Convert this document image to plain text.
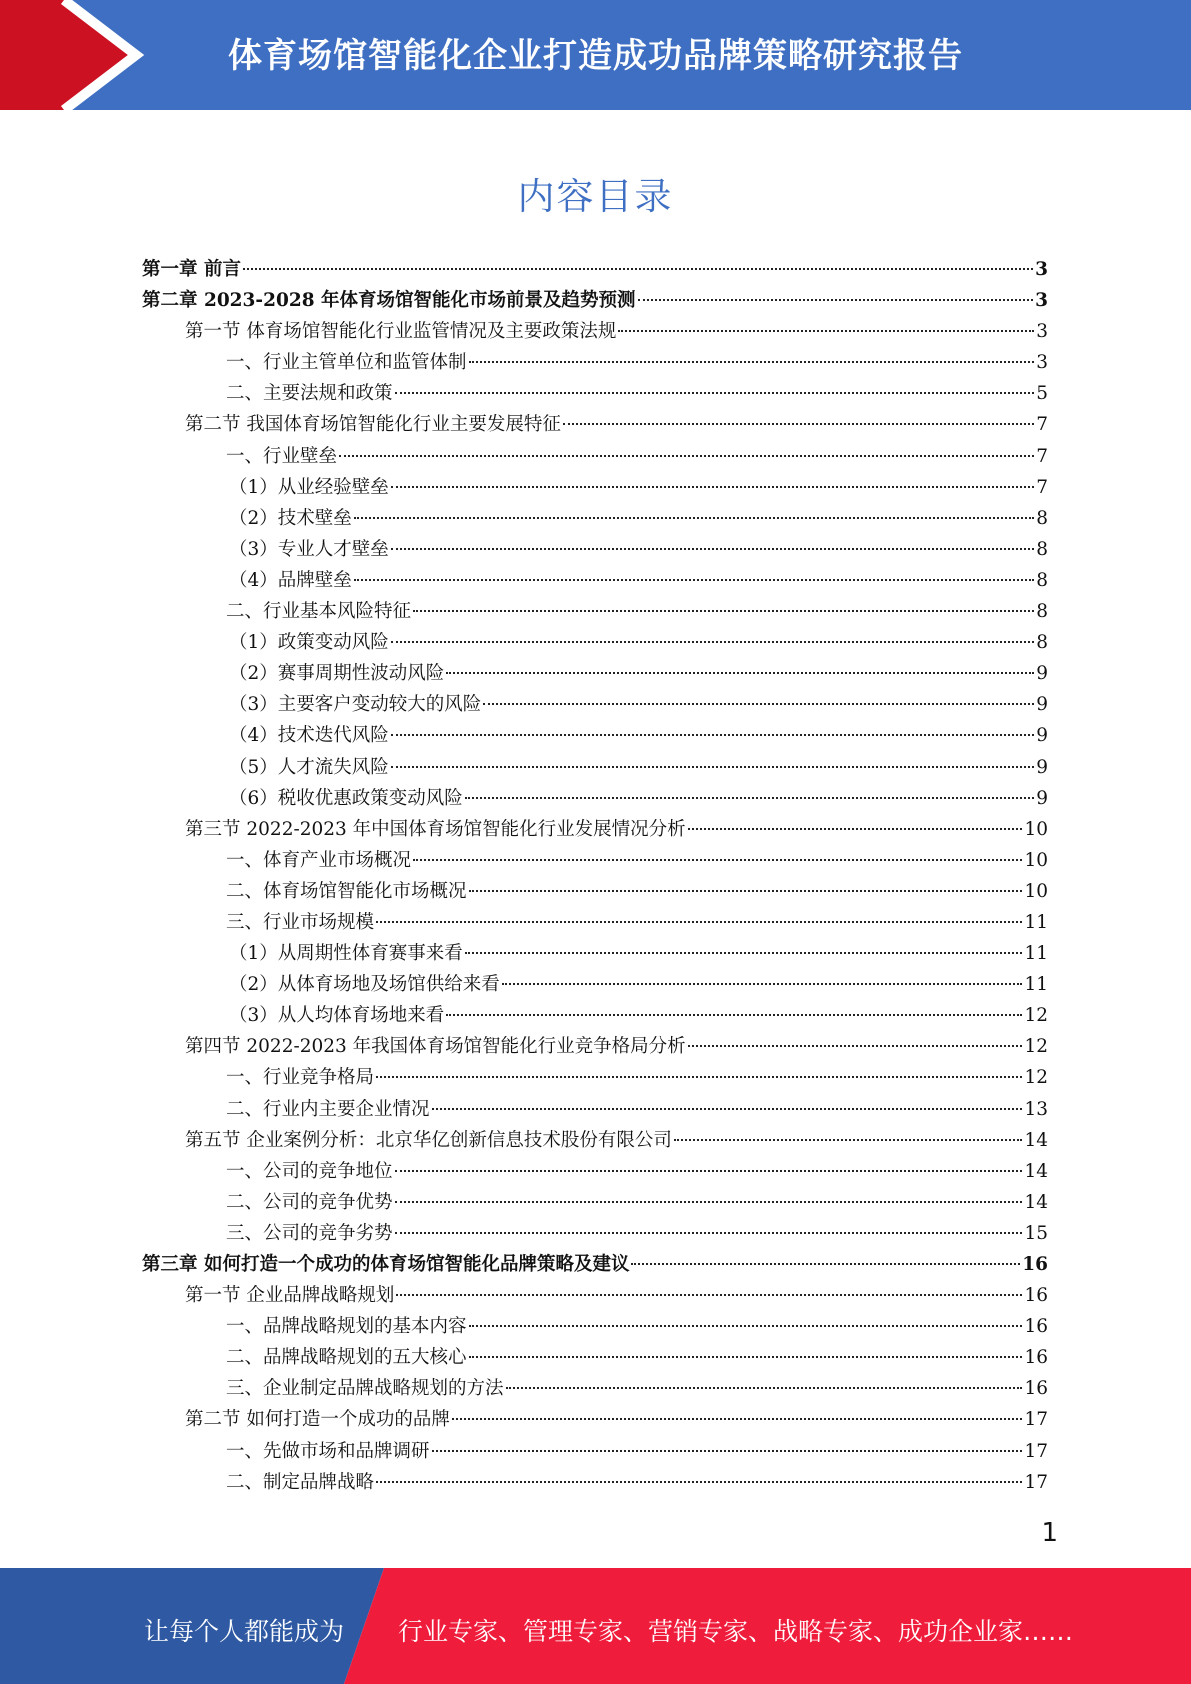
体育场馆智能化企业打造成功品牌策略研究报告
内容目录
第一章 前言	3
第二章 2023-2028 年体育场馆智能化市场前景及趋势预测	3
第一节 体育场馆智能化行业监管情况及主要政策法规	3
一、行业主管单位和监管体制	3
二、主要法规和政策	5
第二节 我国体育场馆智能化行业主要发展特征	7
一、行业壁垒	7
（1）从业经验壁垒	7
（2）技术壁垒	8
（3）专业人才壁垒	8
（4）品牌壁垒	8
二、行业基本风险特征	8
（1）政策变动风险	8
（2）赛事周期性波动风险	9
（3）主要客户变动较大的风险	9
（4）技术迭代风险	9
（5）人才流失风险	9
（6）税收优惠政策变动风险	9
第三节 2022-2023 年中国体育场馆智能化行业发展情况分析	10
一、体育产业市场概况	10
二、体育场馆智能化市场概况	10
三、行业市场规模	11
（1）从周期性体育赛事来看	11
（2）从体育场地及场馆供给来看	11
（3）从人均体育场地来看	12
第四节 2022-2023 年我国体育场馆智能化行业竞争格局分析	12
一、行业竞争格局	12
二、行业内主要企业情况	13
第五节 企业案例分析：北京华亿创新信息技术股份有限公司	14
一、公司的竞争地位	14
二、公司的竞争优势	14
三、公司的竞争劣势	15
第三章 如何打造一个成功的体育场馆智能化品牌策略及建议	16
第一节 企业品牌战略规划	16
一、品牌战略规划的基本内容	16
二、品牌战略规划的五大核心	16
三、企业制定品牌战略规划的方法	16
第二节 如何打造一个成功的品牌	17
一、先做市场和品牌调研	17
二、制定品牌战略	17
1
让每个人都能成为 行业专家、管理专家、营销专家、战略专家、成功企业家……
